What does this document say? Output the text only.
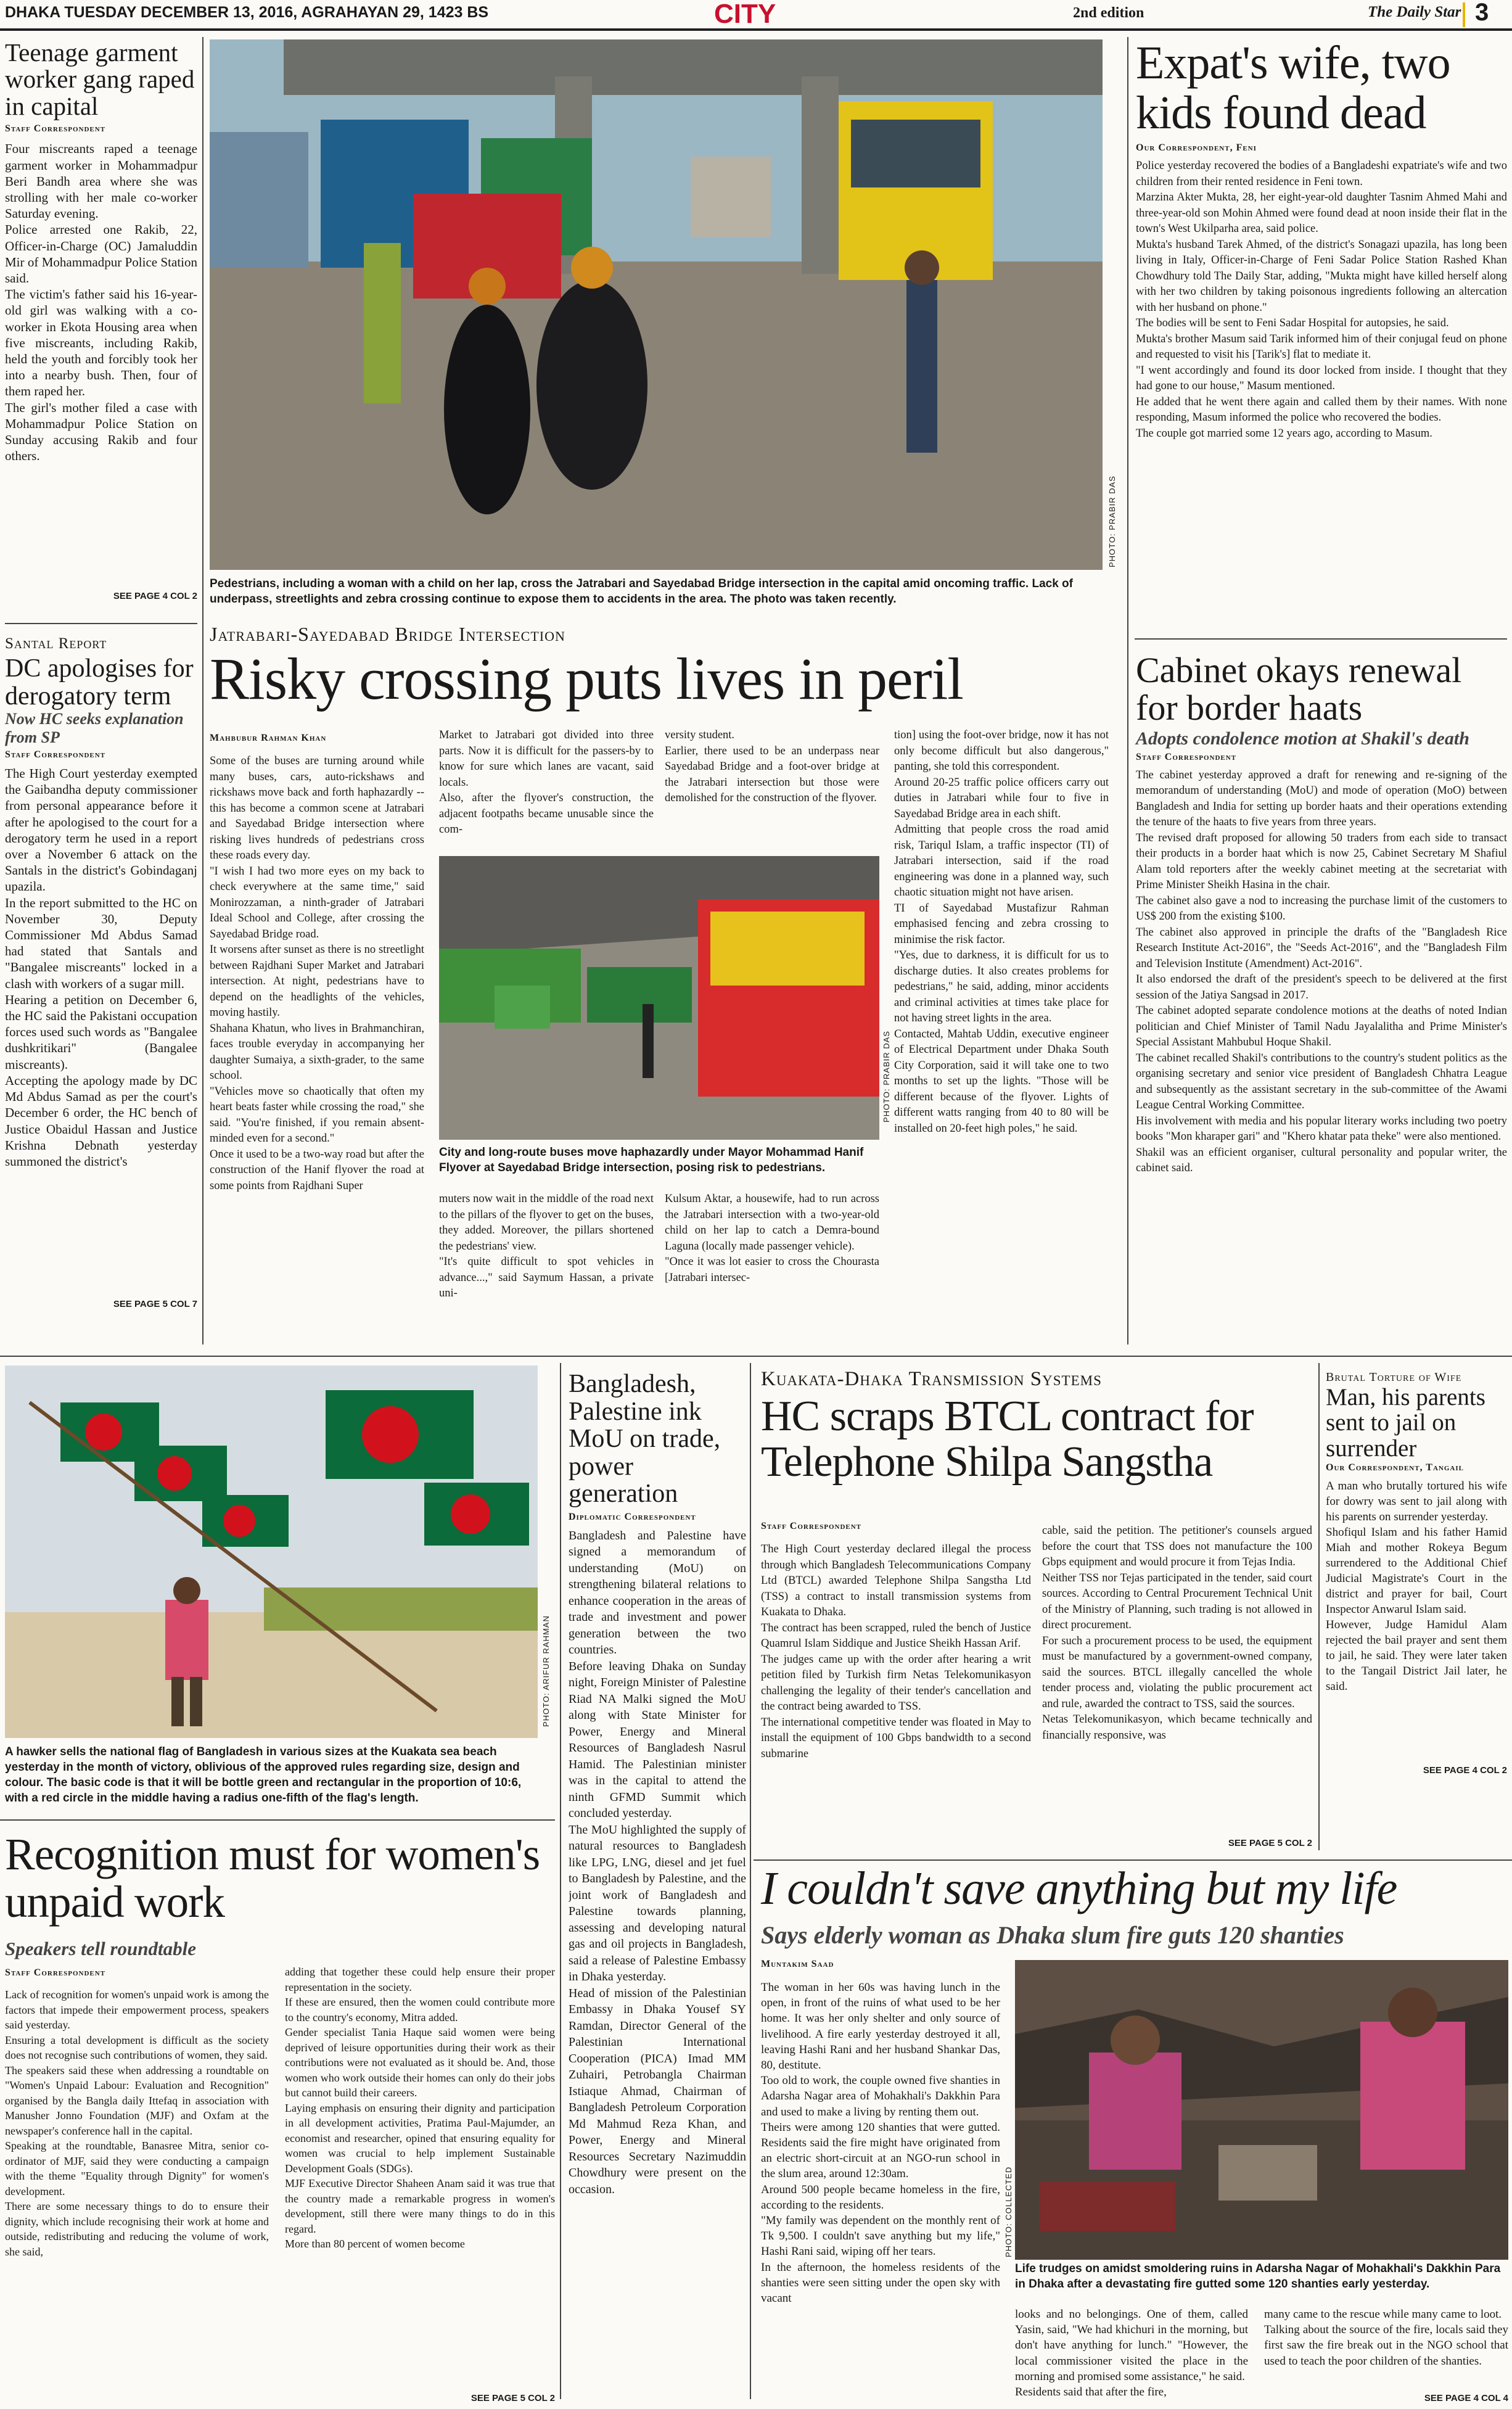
DHAKA TUESDAY DECEMBER 13, 2016, AGRAHAYAN 29, 1423 BS	CITY	2nd edition	The Daily Star 3
Teenage garment worker gang raped in capital
Staff Correspondent
Four miscreants raped a teenage garment worker in Mohammadpur Beri Bandh area where she was strolling with her male co-worker Saturday evening.
Police arrested one Rakib, 22, Officer-in-Charge (OC) Jamaluddin Mir of Mohammadpur Police Station said.
The victim's father said his 16-year-old girl was walking with a co-worker in Ekota Housing area when five miscreants, including Rakib, held the youth and forcibly took her into a nearby bush. Then, four of them raped her.
The girl's mother filed a case with Mohammadpur Police Station on Sunday accusing Rakib and four others.
SEE PAGE 4 COL 2
Santal Report
DC apologises for derogatory term
Now HC seeks explanation from SP
Staff Correspondent
The High Court yesterday exempted the Gaibandha deputy commissioner from personal appearance before it after he apologised to the court for a derogatory term he used in a report over a November 6 attack on the Santals in the district's Gobindaganj upazila.
In the report submitted to the HC on November 30, Deputy Commissioner Md Abdus Samad had stated that Santals and "Bangalee miscreants" locked in a clash with workers of a sugar mill.
Hearing a petition on December 6, the HC said the Pakistani occupation forces used such words as "Bangalee dushkritikari" (Bangalee miscreants).
Accepting the apology made by DC Md Abdus Samad as per the court's December 6 order, the HC bench of Justice Obaidul Hassan and Justice Krishna Debnath yesterday summoned the district's
SEE PAGE 5 COL 7
PHOTO: PRABIR DAS
Pedestrians, including a woman with a child on her lap, cross the Jatrabari and Sayedabad Bridge intersection in the capital amid oncoming traffic. Lack of underpass, streetlights and zebra crossing continue to expose them to accidents in the area. The photo was taken recently.
Jatrabari-Sayedabad Bridge Intersection
Risky crossing puts lives in peril
Mahbubur Rahman Khan
Some of the buses are turning around while many buses, cars, auto-rickshaws and rickshaws move back and forth haphazardly -- this has become a common scene at Jatrabari and Sayedabad Bridge intersection where risking lives hundreds of pedestrians cross these roads every day.
"I wish I had two more eyes on my back to check everywhere at the same time," said Monirozzaman, a ninth-grader of Jatrabari Ideal School and College, after crossing the Sayedabad Bridge road.
It worsens after sunset as there is no streetlight between Rajdhani Super Market and Jatrabari intersection. At night, pedestrians have to depend on the headlights of the vehicles, moving hastily.
Shahana Khatun, who lives in Brahmanchiran, faces trouble everyday in accompanying her daughter Sumaiya, a sixth-grader, to the same school.
"Vehicles move so chaotically that often my heart beats faster while crossing the road," she said. "You're finished, if you remain absent-minded even for a second."
Once it used to be a two-way road but after the construction of the Hanif flyover the road at some points from Rajdhani Super
Market to Jatrabari got divided into three parts. Now it is difficult for the passers-by to know for sure which lanes are vacant, said locals.
Also, after the flyover's construction, the adjacent footpaths became unusable since the com-
versity student.
Earlier, there used to be an underpass near Sayedabad Bridge and a foot-over bridge at the Jatrabari intersection but those were demolished for the construction of the flyover.
PHOTO: PRABIR DAS
City and long-route buses move haphazardly under Mayor Mohammad Hanif Flyover at Sayedabad Bridge intersection, posing risk to pedestrians.
muters now wait in the middle of the road next to the pillars of the flyover to get on the buses, they added. Moreover, the pillars shortened the pedestrians' view.
"It's quite difficult to spot vehicles in advance...," said Saymum Hassan, a private uni-
Kulsum Aktar, a housewife, had to run across the Jatrabari intersection with a two-year-old child on her lap to catch a Demra-bound Laguna (locally made passenger vehicle).
"Once it was lot easier to cross the Chourasta [Jatrabari intersec-
tion] using the foot-over bridge, now it has not only become difficult but also dangerous," panting, she told this correspondent.
Around 20-25 traffic police officers carry out duties in Jatrabari while four to five in Sayedabad Bridge area in each shift.
Admitting that people cross the road amid risk, Tariqul Islam, a traffic inspector (TI) of Jatrabari intersection, said if the road engineering was done in a planned way, such chaotic situation might not have arisen.
TI of Sayedabad Mustafizur Rahman emphasised fencing and zebra crossing to minimise the risk factor.
"Yes, due to darkness, it is difficult for us to discharge duties. It also creates problems for pedestrians," he said, adding, minor accidents and criminal activities at times take place for not having street lights in the area.
Contacted, Mahtab Uddin, executive engineer of Electrical Department under Dhaka South City Corporation, said it will take one to two months to set up the lights. "Those will be different because of the flyover. Lights of different watts ranging from 40 to 80 will be installed on 20-feet high poles," he said.
Expat's wife, two kids found dead
Our Correspondent, Feni
Police yesterday recovered the bodies of a Bangladeshi expatriate's wife and two children from their rented residence in Feni town.
Marzina Akter Mukta, 28, her eight-year-old daughter Tasnim Ahmed Mahi and three-year-old son Mohin Ahmed were found dead at noon inside their flat in the town's West Ukilparha area, said police.
Mukta's husband Tarek Ahmed, of the district's Sonagazi upazila, has long been living in Italy, Officer-in-Charge of Feni Sadar Police Station Rashed Khan Chowdhury told The Daily Star, adding, "Mukta might have killed herself along with her two children by taking poisonous ingredients following an altercation with her husband on phone."
The bodies will be sent to Feni Sadar Hospital for autopsies, he said.
Mukta's brother Masum said Tarik informed him of their conjugal feud on phone and requested to visit his [Tarik's] flat to mediate it.
"I went accordingly and found its door locked from inside. I thought that they had gone to our house," Masum mentioned.
He added that he went there again and called them by their names. With none responding, Masum informed the police who recovered the bodies.
The couple got married some 12 years ago, according to Masum.
Cabinet okays renewal for border haats
Adopts condolence motion at Shakil's death
Staff Correspondent
The cabinet yesterday approved a draft for renewing and re-signing of the memorandum of understanding (MoU) and mode of operation (MoO) between Bangladesh and India for setting up border haats and their operations extending the tenure of the haats to five years from three years.
The revised draft proposed for allowing 50 traders from each side to transact their products in a border haat which is now 25, Cabinet Secretary M Shafiul Alam told reporters after the weekly cabinet meeting at the secretariat with Prime Minister Sheikh Hasina in the chair.
The cabinet also gave a nod to increasing the purchase limit of the customers to US$ 200 from the existing $100.
The cabinet also approved in principle the drafts of the "Bangladesh Rice Research Institute Act-2016", the "Seeds Act-2016", and the "Bangladesh Film and Television Institute (Amendment) Act-2016".
It also endorsed the draft of the president's speech to be delivered at the first session of the Jatiya Sangsad in 2017.
The cabinet adopted separate condolence motions at the deaths of noted Indian politician and Chief Minister of Tamil Nadu Jayalalitha and Prime Minister's Special Assistant Mahbubul Hoque Shakil.
The cabinet recalled Shakil's contributions to the country's student politics as the organising secretary and senior vice president of Bangladesh Chhatra League and subsequently as the assistant secretary in the sub-committee of the Awami League Central Working Committee.
His involvement with media and his popular literary works including two poetry books "Mon kharaper gari" and "Khero khatar pata theke" were also mentioned.
Shakil was an efficient organiser, cultural personality and popular writer, the cabinet said.
PHOTO: ARIFUR RAHMAN
A hawker sells the national flag of Bangladesh in various sizes at the Kuakata sea beach yesterday in the month of victory, oblivious of the approved rules regarding size, design and colour. The basic code is that it will be bottle green and rectangular in the proportion of 10:6, with a red circle in the middle having a radius one-fifth of the flag's length.
Recognition must for women's unpaid work
Speakers tell roundtable
Staff Correspondent
Lack of recognition for women's unpaid work is among the factors that impede their empowerment process, speakers said yesterday.
Ensuring a total development is difficult as the society does not recognise such contributions of women, they said.
The speakers said these when addressing a roundtable on "Women's Unpaid Labour: Evaluation and Recognition" organised by the Bangla daily Ittefaq in association with Manusher Jonno Foundation (MJF) and Oxfam at the newspaper's conference hall in the capital.
Speaking at the roundtable, Banasree Mitra, senior co-ordinator of MJF, said they were conducting a campaign with the theme "Equality through Dignity" for women's development.
There are some necessary things to do to ensure their dignity, which include recognising their work at home and outside, redistributing and reducing the volume of work, she said,
adding that together these could help ensure their proper representation in the society.
If these are ensured, then the women could contribute more to the country's economy, Mitra added.
Gender specialist Tania Haque said women were being deprived of leisure opportunities during their work as their contributions were not evaluated as it should be. And, those women who work outside their homes can only do their jobs but cannot build their careers.
Laying emphasis on ensuring their dignity and participation in all development activities, Pratima Paul-Majumder, an economist and researcher, opined that ensuring equality for women was crucial to help implement Sustainable Development Goals (SDGs).
MJF Executive Director Shaheen Anam said it was true that the country made a remarkable progress in women's development, still there were many things to do in this regard.
More than 80 percent of women become
SEE PAGE 5 COL 2
Bangladesh, Palestine ink MoU on trade, power generation
Diplomatic Correspondent
Bangladesh and Palestine have signed a memorandum of understanding (MoU) on strengthening bilateral relations to enhance cooperation in the areas of trade and investment and power generation between the two countries.
Before leaving Dhaka on Sunday night, Foreign Minister of Palestine Riad NA Malki signed the MoU along with State Minister for Power, Energy and Mineral Resources of Bangladesh Nasrul Hamid. The Palestinian minister was in the capital to attend the ninth GFMD Summit which concluded yesterday.
The MoU highlighted the supply of natural resources to Bangladesh like LPG, LNG, diesel and jet fuel to Bangladesh by Palestine, and the joint work of Bangladesh and Palestine towards planning, assessing and developing natural gas and oil projects in Bangladesh, said a release of Palestine Embassy in Dhaka yesterday.
Head of mission of the Palestinian Embassy in Dhaka Yousef SY Ramdan, Director General of the Palestinian International Cooperation (PICA) Imad MM Zuhairi, Petrobangla Chairman Istiaque Ahmad, Chairman of Bangladesh Petroleum Corporation Md Mahmud Reza Khan, and Power, Energy and Mineral Resources Secretary Nazimuddin Chowdhury were present on the occasion.
Kuakata-Dhaka Transmission Systems
HC scraps BTCL contract for Telephone Shilpa Sangstha
Staff Correspondent
The High Court yesterday declared illegal the process through which Bangladesh Telecommunications Company Ltd (BTCL) awarded Telephone Shilpa Sangstha Ltd (TSS) a contract to install transmission systems from Kuakata to Dhaka.
The contract has been scrapped, ruled the bench of Justice Quamrul Islam Siddique and Justice Sheikh Hassan Arif.
The judges came up with the order after hearing a writ petition filed by Turkish firm Netas Telekomunikasyon challenging the legality of their tender's cancellation and the contract being awarded to TSS.
The international competitive tender was floated in May to install the equipment of 100 Gbps bandwidth to a second submarine
cable, said the petition. The petitioner's counsels argued before the court that TSS does not manufacture the 100 Gbps equipment and would procure it from Tejas India.
Neither TSS nor Tejas participated in the tender, said court sources. According to Central Procurement Technical Unit of the Ministry of Planning, such trading is not allowed in direct procurement.
For such a procurement process to be used, the equipment must be manufactured by a government-owned company, said the sources. BTCL illegally cancelled the whole tender process and, violating the public procurement act and rule, awarded the contract to TSS, said the sources.
Netas Telekomunikasyon, which became technically and financially responsive, was
SEE PAGE 5 COL 2
Brutal Torture of Wife
Man, his parents sent to jail on surrender
Our Correspondent, Tangail
A man who brutally tortured his wife for dowry was sent to jail along with his parents on surrender yesterday.
Shofiqul Islam and his father Hamid Miah and mother Rokeya Begum surrendered to the Additional Chief Judicial Magistrate's Court in the district and prayer for bail, Court Inspector Anwarul Islam said.
However, Judge Hamidul Alam rejected the bail prayer and sent them to jail, he said. They were later taken to the Tangail District Jail later, he said.
SEE PAGE 4 COL 2
I couldn't save anything but my life
Says elderly woman as Dhaka slum fire guts 120 shanties
Muntakim Saad
The woman in her 60s was having lunch in the open, in front of the ruins of what used to be her home. It was her only shelter and only source of livelihood. A fire early yesterday destroyed it all, leaving Hashi Rani and her husband Shankar Das, 80, destitute.
Too old to work, the couple owned five shanties in Adarsha Nagar area of Mohakhali's Dakkhin Para and used to make a living by renting them out.
Theirs were among 120 shanties that were gutted. Residents said the fire might have originated from an electric short-circuit at an NGO-run school in the slum area, around 12:30am.
Around 500 people became homeless in the fire, according to the residents.
"My family was dependent on the monthly rent of Tk 9,500. I couldn't save anything but my life," Hashi Rani said, wiping off her tears.
In the afternoon, the homeless residents of the shanties were seen sitting under the open sky with vacant
PHOTO: COLLECTED
Life trudges on amidst smoldering ruins in Adarsha Nagar of Mohakhali's Dakkhin Para in Dhaka after a devastating fire gutted some 120 shanties early yesterday.
looks and no belongings. One of them, called Yasin, said, "We had khichuri in the morning, but don't have anything for lunch." "However, the local commissioner visited the place in the morning and promised some assistance," he said.
Residents said that after the fire,
many came to the rescue while many came to loot.
Talking about the source of the fire, locals said they first saw the fire break out in the NGO school that used to teach the poor children of the shanties.
SEE PAGE 4 COL 4
